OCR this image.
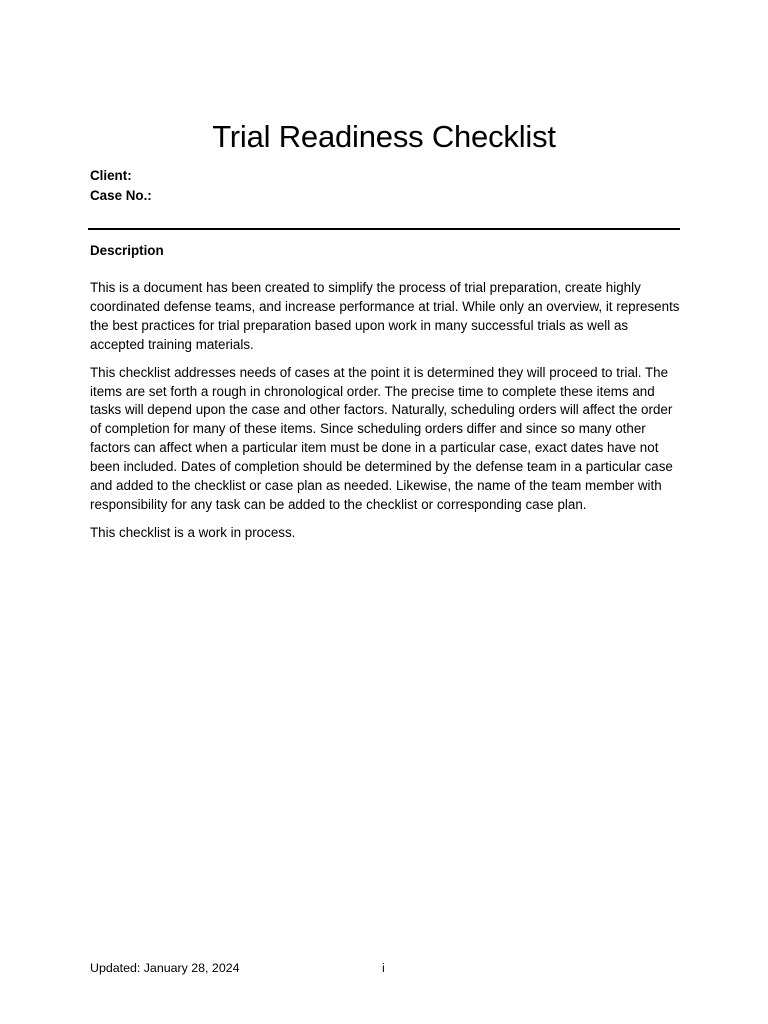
Trial Readiness Checklist
Client:
Case No.:
Description

This is a document has been created to simplify the process of trial preparation, create highly coordinated defense teams, and increase performance at trial. While only an overview, it represents the best practices for trial preparation based upon work in many successful trials as well as accepted training materials.

This checklist addresses needs of cases at the point it is determined they will proceed to trial. The items are set forth a rough in chronological order. The precise time to complete these items and tasks will depend upon the case and other factors. Naturally, scheduling orders will affect the order of completion for many of these items. Since scheduling orders differ and since so many other factors can affect when a particular item must be done in a particular case, exact dates have not been included. Dates of completion should be determined by the defense team in a particular case and added to the checklist or case plan as needed. Likewise, the name of the team member with responsibility for any task can be added to the checklist or corresponding case plan.

This checklist is a work in process.

Updated: January 28, 2024	i
